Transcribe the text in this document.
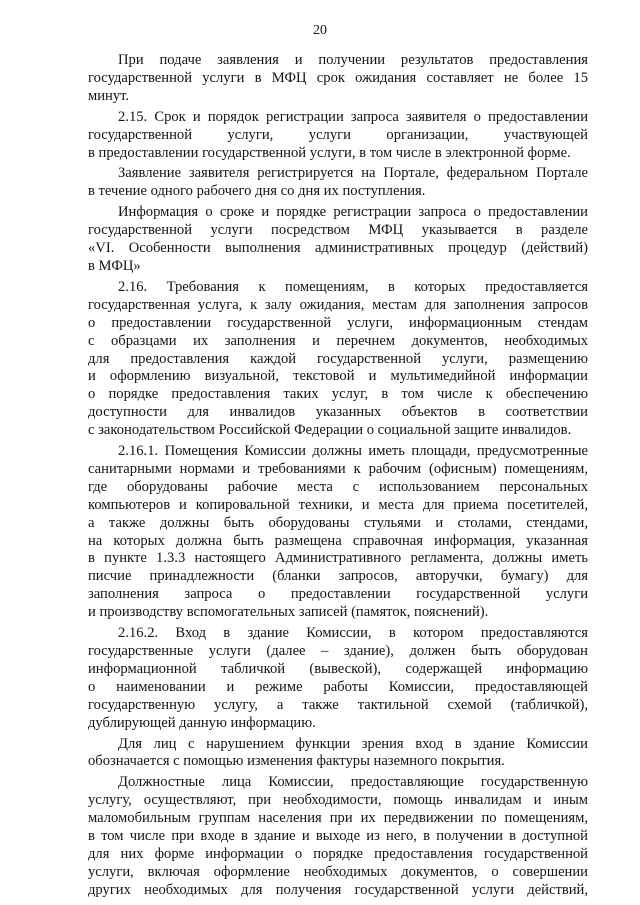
20
При подаче заявления и получении результатов предоставления
государственной услуги в МФЦ срок ожидания составляет не более 15
минут.
2.15. Срок и порядок регистрации запроса заявителя о предоставлении
государственной услуги, услуги организации, участвующей
в предоставлении государственной услуги, в том числе в электронной форме.
Заявление заявителя регистрируется на Портале, федеральном Портале
в течение одного рабочего дня со дня их поступления.
Информация о сроке и порядке регистрации запроса о предоставлении
государственной услуги посредством МФЦ указывается в разделе
«VI. Особенности выполнения административных процедур (действий)
в МФЦ»
2.16. Требования к помещениям, в которых предоставляется
государственная услуга, к залу ожидания, местам для заполнения запросов
о предоставлении государственной услуги, информационным стендам
с образцами их заполнения и перечнем документов, необходимых
для предоставления каждой государственной услуги, размещению
и оформлению визуальной, текстовой и мультимедийной информации
о порядке предоставления таких услуг, в том числе к обеспечению
доступности для инвалидов указанных объектов в соответствии
с законодательством Российской Федерации о социальной защите инвалидов.
2.16.1. Помещения Комиссии должны иметь площади, предусмотренные
санитарными нормами и требованиями к рабочим (офисным) помещениям,
где оборудованы рабочие места с использованием персональных
компьютеров и копировальной техники, и места для приема посетителей,
а также должны быть оборудованы стульями и столами, стендами,
на которых должна быть размещена справочная информация, указанная
в пункте 1.3.3 настоящего Административного регламента, должны иметь
писчие принадлежности (бланки запросов, авторучки, бумагу) для
заполнения запроса о предоставлении государственной услуги
и производству вспомогательных записей (памяток, пояснений).
2.16.2. Вход в здание Комиссии, в котором предоставляются
государственные услуги (далее – здание), должен быть оборудован
информационной табличкой (вывеской), содержащей информацию
о наименовании и режиме работы Комиссии, предоставляющей
государственную услугу, а также тактильной схемой (табличкой),
дублирующей данную информацию.
Для лиц с нарушением функции зрения вход в здание Комиссии
обозначается с помощью изменения фактуры наземного покрытия.
Должностные лица Комиссии, предоставляющие государственную
услугу, осуществляют, при необходимости, помощь инвалидам и иным
маломобильным группам населения при их передвижении по помещениям,
в том числе при входе в здание и выходе из него, в получении в доступной
для них форме информации о порядке предоставления государственной
услуги, включая оформление необходимых документов, о совершении
других необходимых для получения государственной услуги действий,
